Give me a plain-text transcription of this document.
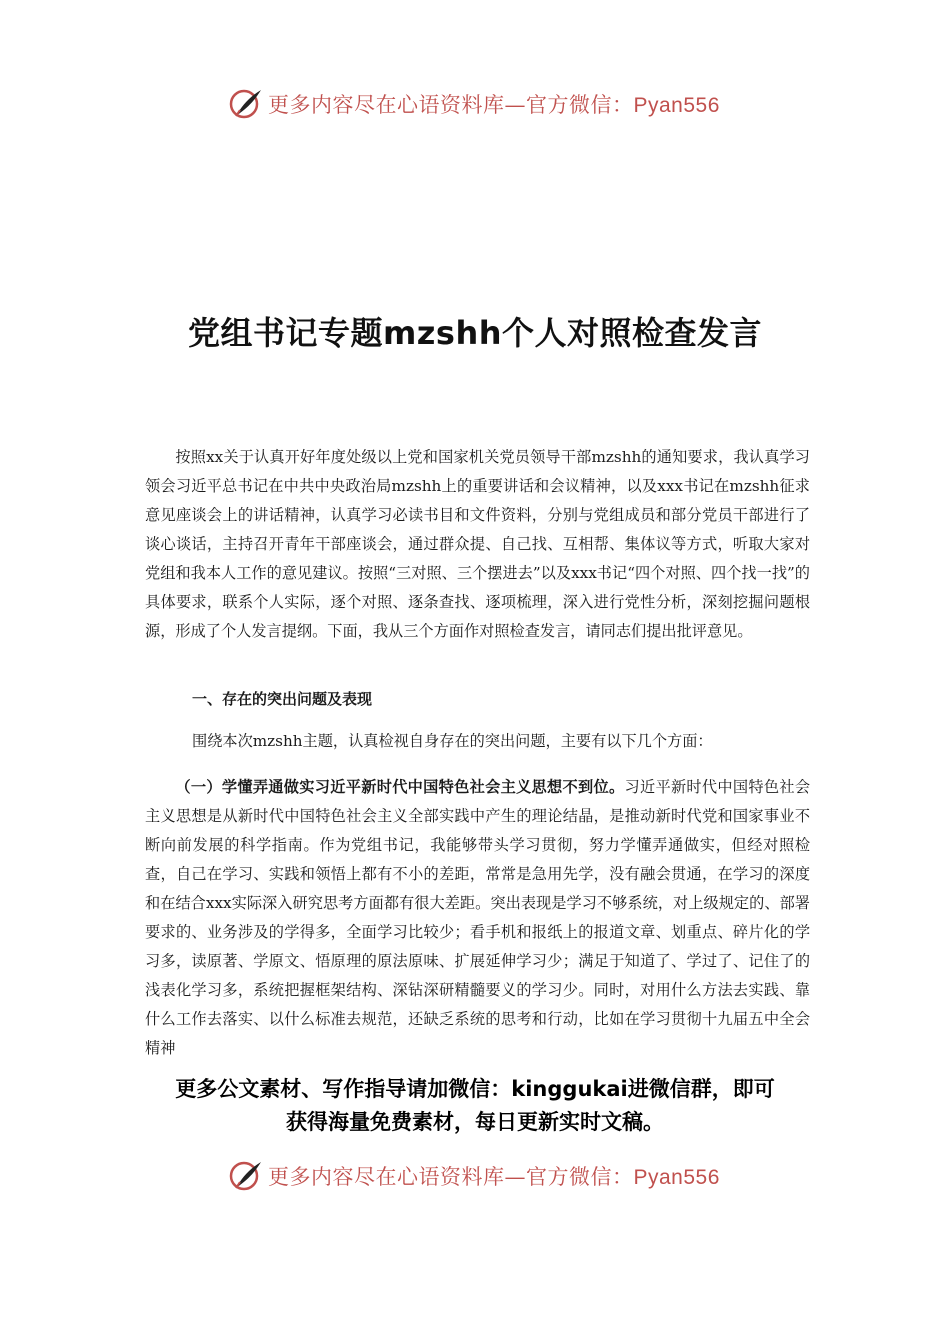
更多内容尽在心语资料库—官方微信：Pyan556
党组书记专题mzshh个人对照检查发言
按照xx关于认真开好年度处级以上党和国家机关党员领导干部mzshh的通知要求，我认真学习领会习近平总书记在中共中央政治局mzshh上的重要讲话和会议精神，以及xxx书记在mzshh征求意见座谈会上的讲话精神，认真学习必读书目和文件资料，分别与党组成员和部分党员干部进行了谈心谈话，主持召开青年干部座谈会，通过群众提、自己找、互相帮、集体议等方式，听取大家对党组和我本人工作的意见建议。按照“三对照、三个摆进去”以及xxx书记“四个对照、四个找一找”的具体要求，联系个人实际，逐个对照、逐条查找、逐项梳理，深入进行党性分析，深刻挖掘问题根源，形成了个人发言提纲。下面，我从三个方面作对照检查发言，请同志们提出批评意见。
一、存在的突出问题及表现
围绕本次mzshh主题，认真检视自身存在的突出问题，主要有以下几个方面：
（一）学懂弄通做实习近平新时代中国特色社会主义思想不到位。习近平新时代中国特色社会主义思想是从新时代中国特色社会主义全部实践中产生的理论结晶，是推动新时代党和国家事业不断向前发展的科学指南。作为党组书记，我能够带头学习贯彻，努力学懂弄通做实，但经对照检查，自己在学习、实践和领悟上都有不小的差距，常常是急用先学，没有融会贯通，在学习的深度和在结合xxx实际深入研究思考方面都有很大差距。突出表现是学习不够系统，对上级规定的、部署要求的、业务涉及的学得多，全面学习比较少；看手机和报纸上的报道文章、划重点、碎片化的学习多，读原著、学原文、悟原理的原法原味、扩展延伸学习少；满足于知道了、学过了、记住了的浅表化学习多，系统把握框架结构、深钻深研精髓要义的学习少。同时，对用什么方法去实践、靠什么工作去落实、以什么标准去规范，还缺乏系统的思考和行动，比如在学习贯彻十九届五中全会精神
更多公文素材、写作指导请加微信：kinggukai进微信群，即可
获得海量免费素材，每日更新实时文稿。
更多内容尽在心语资料库—官方微信：Pyan556
